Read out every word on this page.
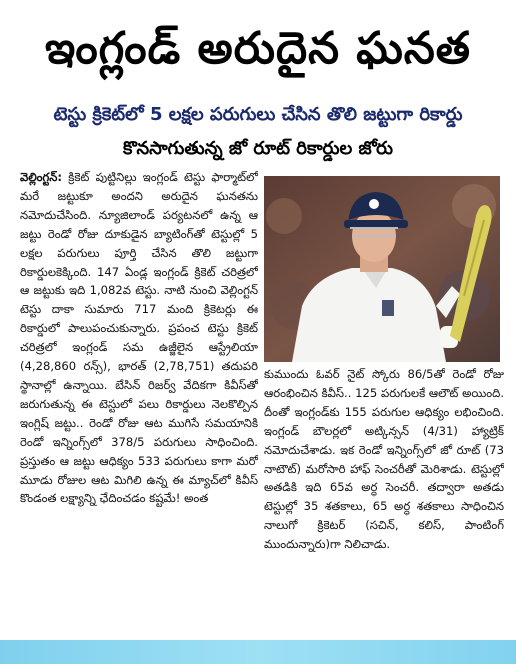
ఇంగ్లండ్ అరుదైన ఘనత
టెస్టు క్రికెట్‌లో 5 లక్షల పరుగులు చేసిన తొలి జట్టుగా రికార్డు
కొనసాగుతున్న జో రూట్ రికార్డుల జోరు
వెల్లింగ్టన్: క్రికెట్ పుట్టినిల్లు ఇంగ్లండ్ టెస్టు ఫార్మాట్‌లో మరే జట్టుకూ అందని అరుదైన ఘనతను నమోదుచేసింది. న్యూజిలాండ్ పర్యటనలో ఉన్న ఆ జట్టు రెండో రోజు దూకుడైన బ్యాటింగ్‌తో టెస్టుల్లో 5 లక్షల పరుగులు పూర్తి చేసిన తొలి జట్టుగా రికార్డులకెక్కింది. 147 ఏండ్ల ఇంగ్లండ్ క్రికెట్ చరిత్రలో ఆ జట్టుకు ఇది 1,082వ టెస్టు. నాటి నుంచి వెల్లింగ్టన్ టెస్టు దాకా సుమారు 717 మంది క్రికెటర్లు ఈ రికార్డులో పాలుపంచుకున్నారు. ప్రపంచ టెస్టు క్రికెట్ చరిత్రలో ఇంగ్లండ్ సమ ఉజ్జీలైన ఆస్ట్రేలియా (4,28,860 రన్స్), భారత్ (2,78,751) తదుపరి స్థానాల్లో ఉన్నాయి. బేసిన్ రిజర్వ్ వేదికగా కివీస్‌తో జరుగుతున్న ఈ టెస్టులో పలు రికార్డులు నెలకొల్పిన ఇంగ్లిష్ జట్టు.. రెండో రోజు ఆట ముగిసే సమయానికి రెండో ఇన్నింగ్స్‌లో 378/5 పరుగులు సాధించింది. ప్రస్తుతం ఆ జట్టు ఆధిక్యం 533 పరుగులు కాగా మరో మూడు రోజుల ఆట మిగిలి ఉన్న ఈ మ్యాచ్‌లో కివీస్ కొండంత లక్ష్యాన్ని ఛేదించడం కష్టమే! అంత
కుముందు ఓవర్ నైట్ స్కోరు 86/5తో రెండో రోజు ఆరంభించిన కివీస్.. 125 పరుగులకే ఆలౌట్ అయింది. దీంతో ఇంగ్లండ్‌కు 155 పరుగుల ఆధిక్యం లభించింది. ఇంగ్లండ్ బౌలర్లలో అట్కిన్సన్ (4/31) హ్యాట్రిక్ నమోదుచేశాడు. ఇక రెండో ఇన్నింగ్స్‌లో జో రూట్ (73 నాటౌట్) మరోసారి హాఫ్ సెంచరీతో మెరిశాడు. టెస్టుల్లో అతడికి ఇది 65వ అర్ధ సెంచరీ. తద్వారా అతడు టెస్టుల్లో 35 శతకాలు, 65 అర్ధ శతకాలు సాధించిన నాలుగో క్రికెటర్ (సచిన్, కలిస్, పాంటింగ్ ముందున్నారు)గా నిలిచాడు.
